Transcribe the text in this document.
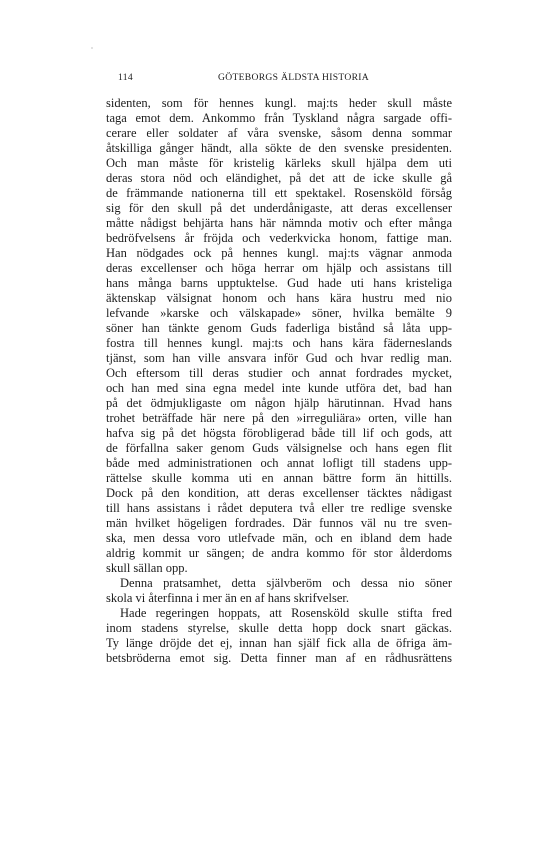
114	GÖTEBORGS ÄLDSTA HISTORIA
sidenten, som för hennes kungl. maj:ts heder skull måste
taga emot dem. Ankommo från Tyskland några sargade offi-
cerare eller soldater af våra svenske, såsom denna sommar
åtskilliga gånger händt, alla sökte de den svenske presidenten.
Och man måste för kristelig kärleks skull hjälpa dem uti
deras stora nöd och eländighet, på det att de icke skulle gå
de främmande nationerna till ett spektakel. Rosensköld försåg
sig för den skull på det underdånigaste, att deras excellenser
måtte nådigst behjärta hans här nämnda motiv och efter många
bedröfvelsens år fröjda och vederkvicka honom, fattige man.
Han nödgades ock på hennes kungl. maj:ts vägnar anmoda
deras excellenser och höga herrar om hjälp och assistans till
hans många barns upptuktelse. Gud hade uti hans kristeliga
äktenskap välsignat honom och hans kära hustru med nio
lefvande »karske och välskapade» söner, hvilka bemälte 9
söner han tänkte genom Guds faderliga bistånd så låta upp-
fostra till hennes kungl. maj:ts och hans kära fäderneslands
tjänst, som han ville ansvara inför Gud och hvar redlig man.
Och eftersom till deras studier och annat fordrades mycket,
och han med sina egna medel inte kunde utföra det, bad han
på det ödmjukligaste om någon hjälp härutinnan. Hvad hans
trohet beträffade här nere på den »irreguliära» orten, ville han
hafva sig på det högsta förobligerad både till lif och gods, att
de förfallna saker genom Guds välsignelse och hans egen flit
både med administrationen och annat lofligt till stadens upp-
rättelse skulle komma uti en annan bättre form än hittills.
Dock på den kondition, att deras excellenser täcktes nådigast
till hans assistans i rådet deputera två eller tre redlige svenske
män hvilket högeligen fordrades. Där funnos väl nu tre sven-
ska, men dessa voro utlefvade män, och en ibland dem hade
aldrig kommit ur sängen; de andra kommo för stor ålderdoms
skull sällan opp.
Denna pratsamhet, detta självberöm och dessa nio söner
skola vi återfinna i mer än en af hans skrifvelser.
Hade regeringen hoppats, att Rosensköld skulle stifta fred
inom stadens styrelse, skulle detta hopp dock snart gäckas.
Ty länge dröjde det ej, innan han själf fick alla de öfriga äm-
betsbröderna emot sig. Detta finner man af en rådhusrättens
